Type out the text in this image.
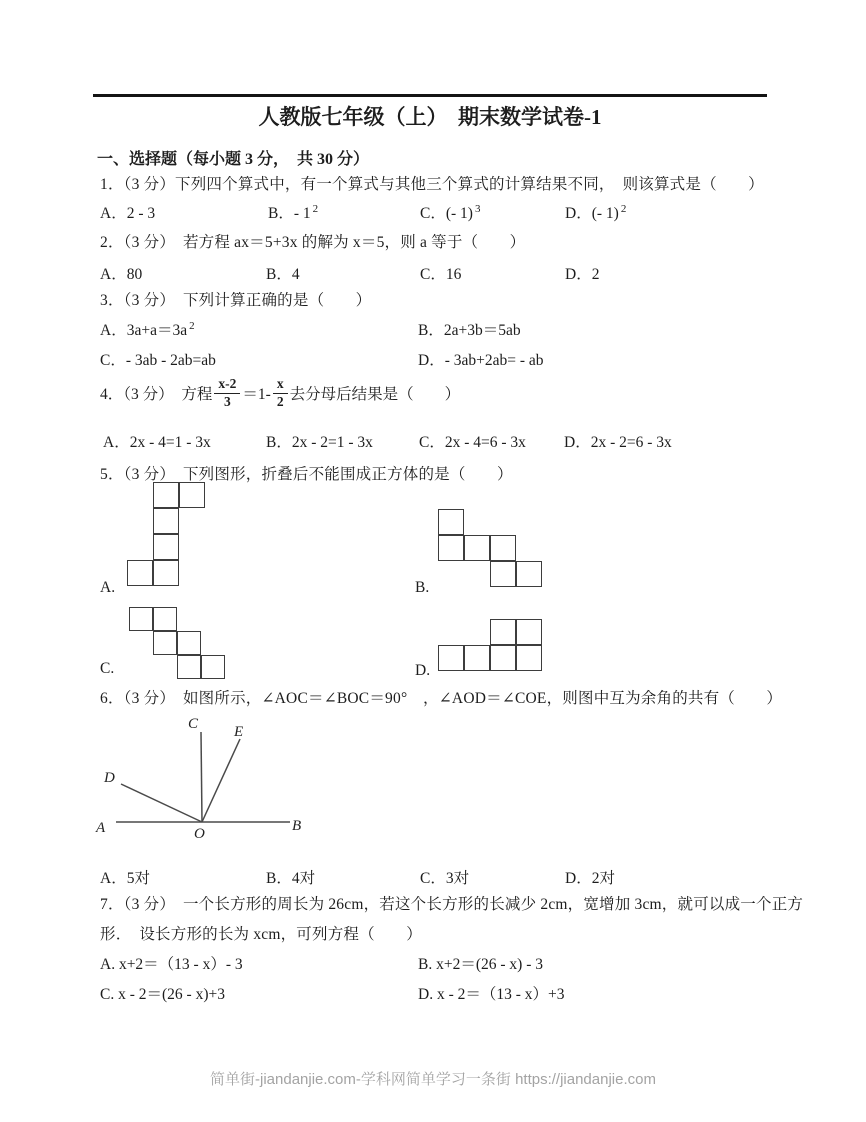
人教版七年级（上）　期末数学试卷-1
一、选择题（每小题 3 分，　共 30 分）
1．（3 分）下列四个算式中，有一个算式与其他三个算式的计算结果不同，　则该算式是（　　）
A．2 - 3	B．- 1 $^2$	C．(- 1) $^3$	D．(- 1) $^2$
2．（3 分）　若方程 ax＝5+3x 的解为 x＝5，则 a 等于（　　）
A．80	B．4	C．16	D．2
3．（3 分）　下列计算正确的是（　　）
A．3a+a＝3a $^2$	B．2a+3b＝5ab
C．- 3ab - 2ab=ab	D．- 3ab+2ab= - ab
4．（3 分）　方程 $\frac{x-2}{3} =1- \frac{x}{2}$ 去分母后结果是（　　）
A．2x - 4=1 - 3x	B．2x - 2=1 - 3x	C．2x - 4=6 - 3x D．2x - 2=6 - 3x
5．（3 分）　下列图形，折叠后不能围成正方体的是（　　）
6．（3 分）　如图所示，∠AOC＝∠BOC＝90°　，∠AOD＝∠COE，则图中互为余角的共有（　　）
C E
D
A	O	B
A．5对	B．4对	C．3对	D．2对
7．（3 分）　一个长方形的周长为 26cm，若这个长方形的长减少 2cm，宽增加 3cm，就可以成一个正方
形．　设长方形的长为 xcm，可列方程（　　）
A. x+2＝（13 - x）- 3	B. x+2＝(26 - x) - 3
C. x - 2＝(26 - x)+3	D. x - 2＝（13 - x）+3
简单街-jiandanjie.com-学科网简单学习一条街 https://jiandanjie.com
A.	B.
C.	D.
